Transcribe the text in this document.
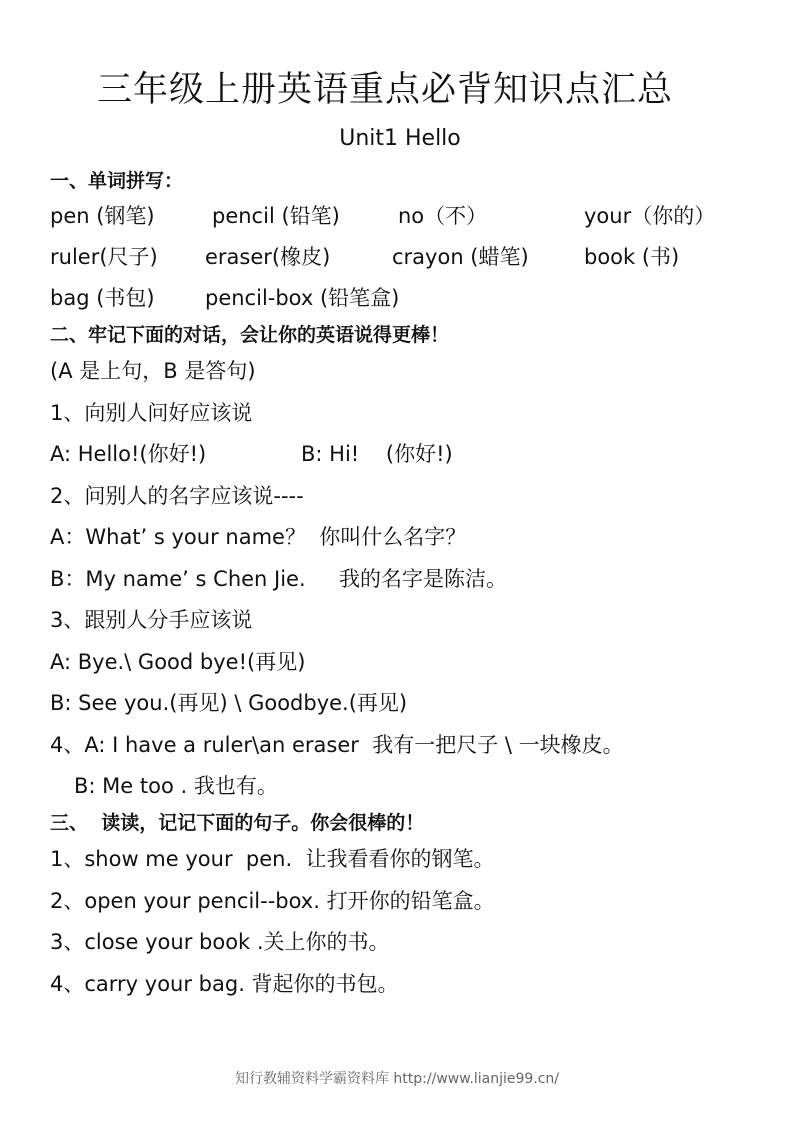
三年级上册英语重点必背知识点汇总
Unit1 Hello
一、单词拼写：
pen (钢笔)	pencil (铅笔)	no（不）	your（你的）
ruler(尺子) eraser(橡皮)	crayon (蜡笔)	book (书)
bag (书包) pencil-box (铅笔盒)
二、牢记下面的对话，会让你的英语说得更棒！
(A 是上句，B 是答句)
1、向别人问好应该说
A: Hello!(你好!)	B: Hi!    (你好!)
2、问别人的名字应该说----
A：What’ s your name？  你叫什么名字？
B：My name’ s Chen Jie.     我的名字是陈洁。
3、跟别人分手应该说
A: Bye.\ Good bye!(再见)
B: See you.(再见) \ Goodbye.(再见)
4、A: I have a ruler\an eraser  我有一把尺子 \ 一块橡皮。
B: Me too . 我也有。
三、  读读，记记下面的句子。你会很棒的！
1、show me your  pen.  让我看看你的钢笔。
2、open your pencil--box. 打开你的铅笔盒。
3、close your book .关上你的书。
4、carry your bag. 背起你的书包。
知行教辅资料学霸资料库 http://www.lianjie99.cn/
